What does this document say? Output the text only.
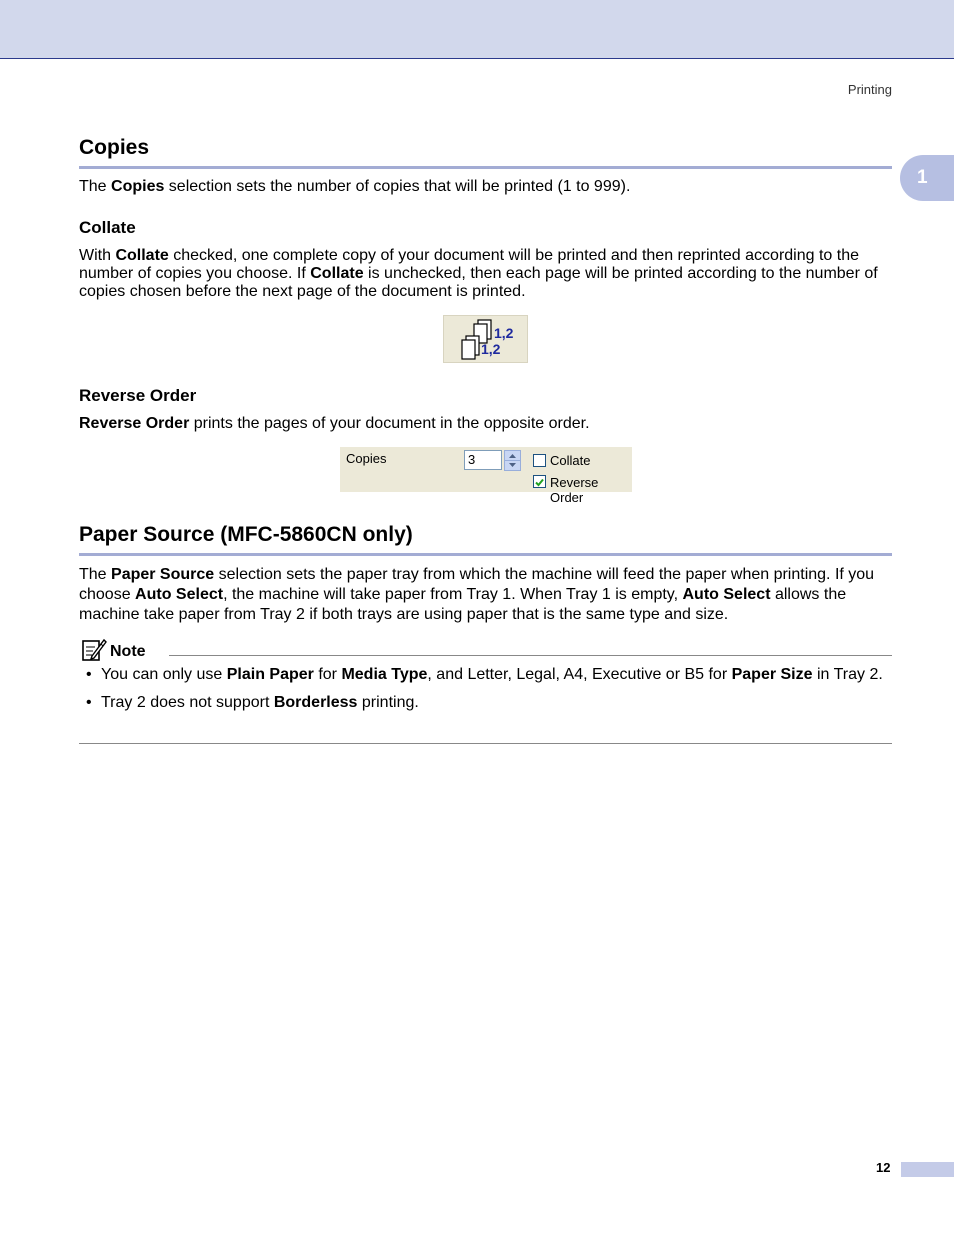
Printing
1
Copies

The Copies selection sets the number of copies that will be printed (1 to 999).

Collate

With Collate checked, one complete copy of your document will be printed and then reprinted according to the number of copies you choose. If Collate is unchecked, then each page will be printed according to the number of copies chosen before the next page of the document is printed.

1,2
1,2
Reverse Order

Reverse Order prints the pages of your document in the opposite order.

Copies	3	Collate
Reverse Order
Paper Source (MFC-5860CN only)

The Paper Source selection sets the paper tray from which the machine will feed the paper when printing. If you choose Auto Select, the machine will take paper from Tray 1. When Tray 1 is empty, Auto Select allows the machine take paper from Tray 2 if both trays are using paper that is the same type and size.

Note
• You can only use Plain Paper for Media Type, and Letter, Legal, A4, Executive or B5 for Paper Size in Tray 2.
• Tray 2 does not support Borderless printing.
12
